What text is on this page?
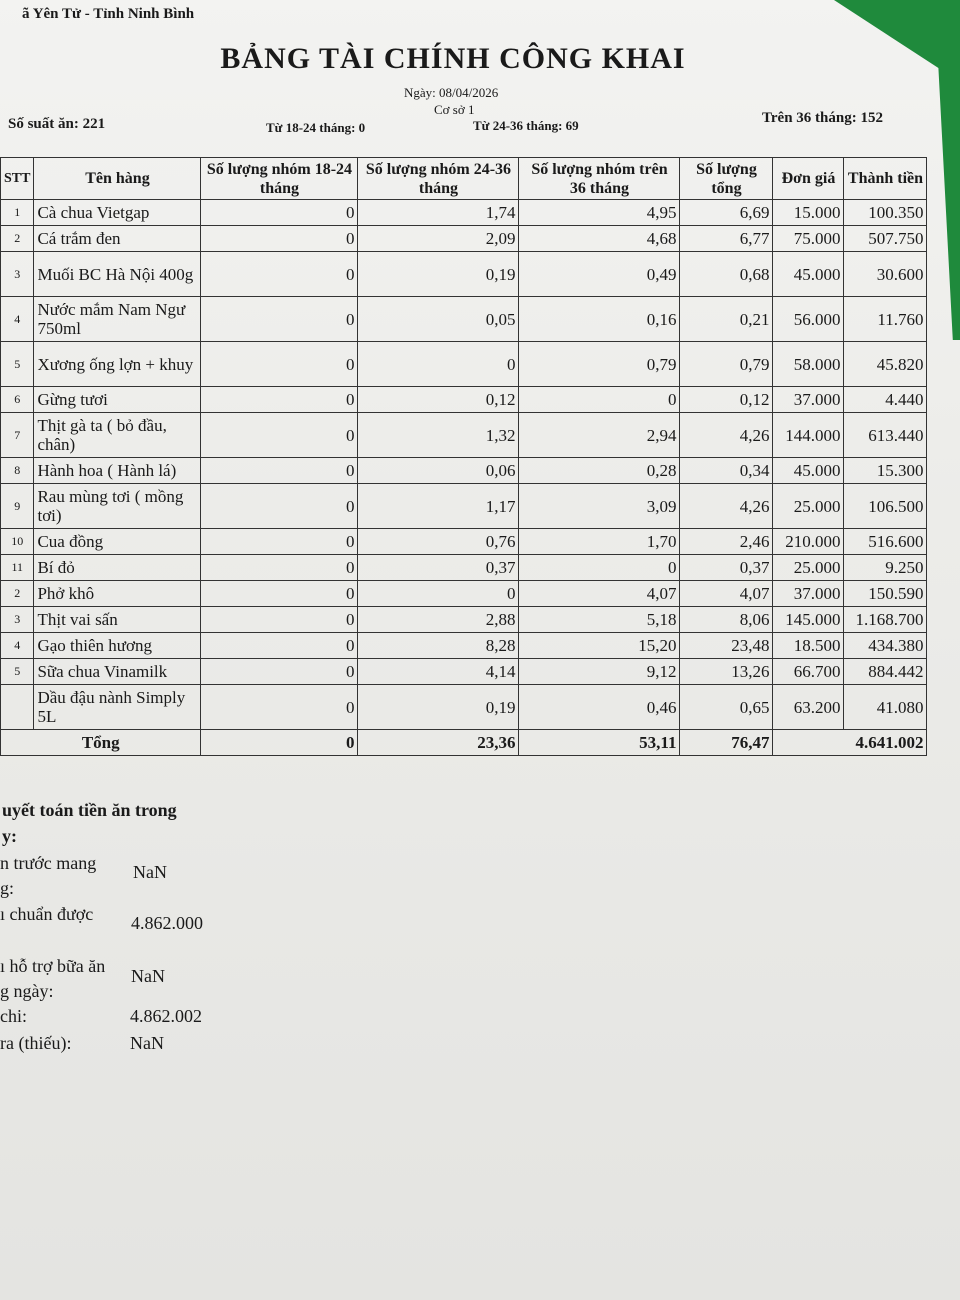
ã Yên Tử - Tỉnh Ninh Bình
BẢNG TÀI CHÍNH CÔNG KHAI
Ngày: 08/04/2026
Cơ sở 1
Số suất ăn: 221	Từ 18-24 tháng: 0	Từ 24-36 tháng: 69	Trên 36 tháng: 152
STT	Tên hàng	Số lượng nhóm 18-24 tháng	Số lượng nhóm 24-36 tháng	Số lượng nhóm trên 36 tháng	Số lượng tổng	Đơn giá	Thành tiền
1	Cà chua Vietgap	0	1,74	4,95	6,69	15.000	100.350
2	Cá trắm đen	0	2,09	4,68	6,77	75.000	507.750
3	Muối BC Hà Nội 400g	0	0,19	0,49	0,68	45.000	30.600
4	Nước mắm Nam Ngư 750ml	0	0,05	0,16	0,21	56.000	11.760
5	Xương ống lợn + khuy	0	0	0,79	0,79	58.000	45.820
6	Gừng tươi	0	0,12	0	0,12	37.000	4.440
7	Thịt gà ta ( bỏ đầu, chân)	0	1,32	2,94	4,26	144.000	613.440
8	Hành hoa ( Hành lá)	0	0,06	0,28	0,34	45.000	15.300
9	Rau mùng tơi ( mồng tơi)	0	1,17	3,09	4,26	25.000	106.500
10	Cua đồng	0	0,76	1,70	2,46	210.000	516.600
11	Bí đỏ	0	0,37	0	0,37	25.000	9.250
2	Phở khô	0	0	4,07	4,07	37.000	150.590
3	Thịt vai sấn	0	2,88	5,18	8,06	145.000	1.168.700
4	Gạo thiên hương	0	8,28	15,20	23,48	18.500	434.380
5	Sữa chua Vinamilk	0	4,14	9,12	13,26	66.700	884.442
	Dầu đậu nành Simply 5L	0	0,19	0,46	0,65	63.200	41.080
Tổng		0	23,36	53,11	76,47	4.641.002	
uyết toán tiền ăn trong
y:
n trước mang
g:
NaN
ı chuẩn được 4.862.000
ı hỗ trợ bữa ăn
g ngày:
NaN
chi:	4.862.002
ra (thiếu):	NaN
